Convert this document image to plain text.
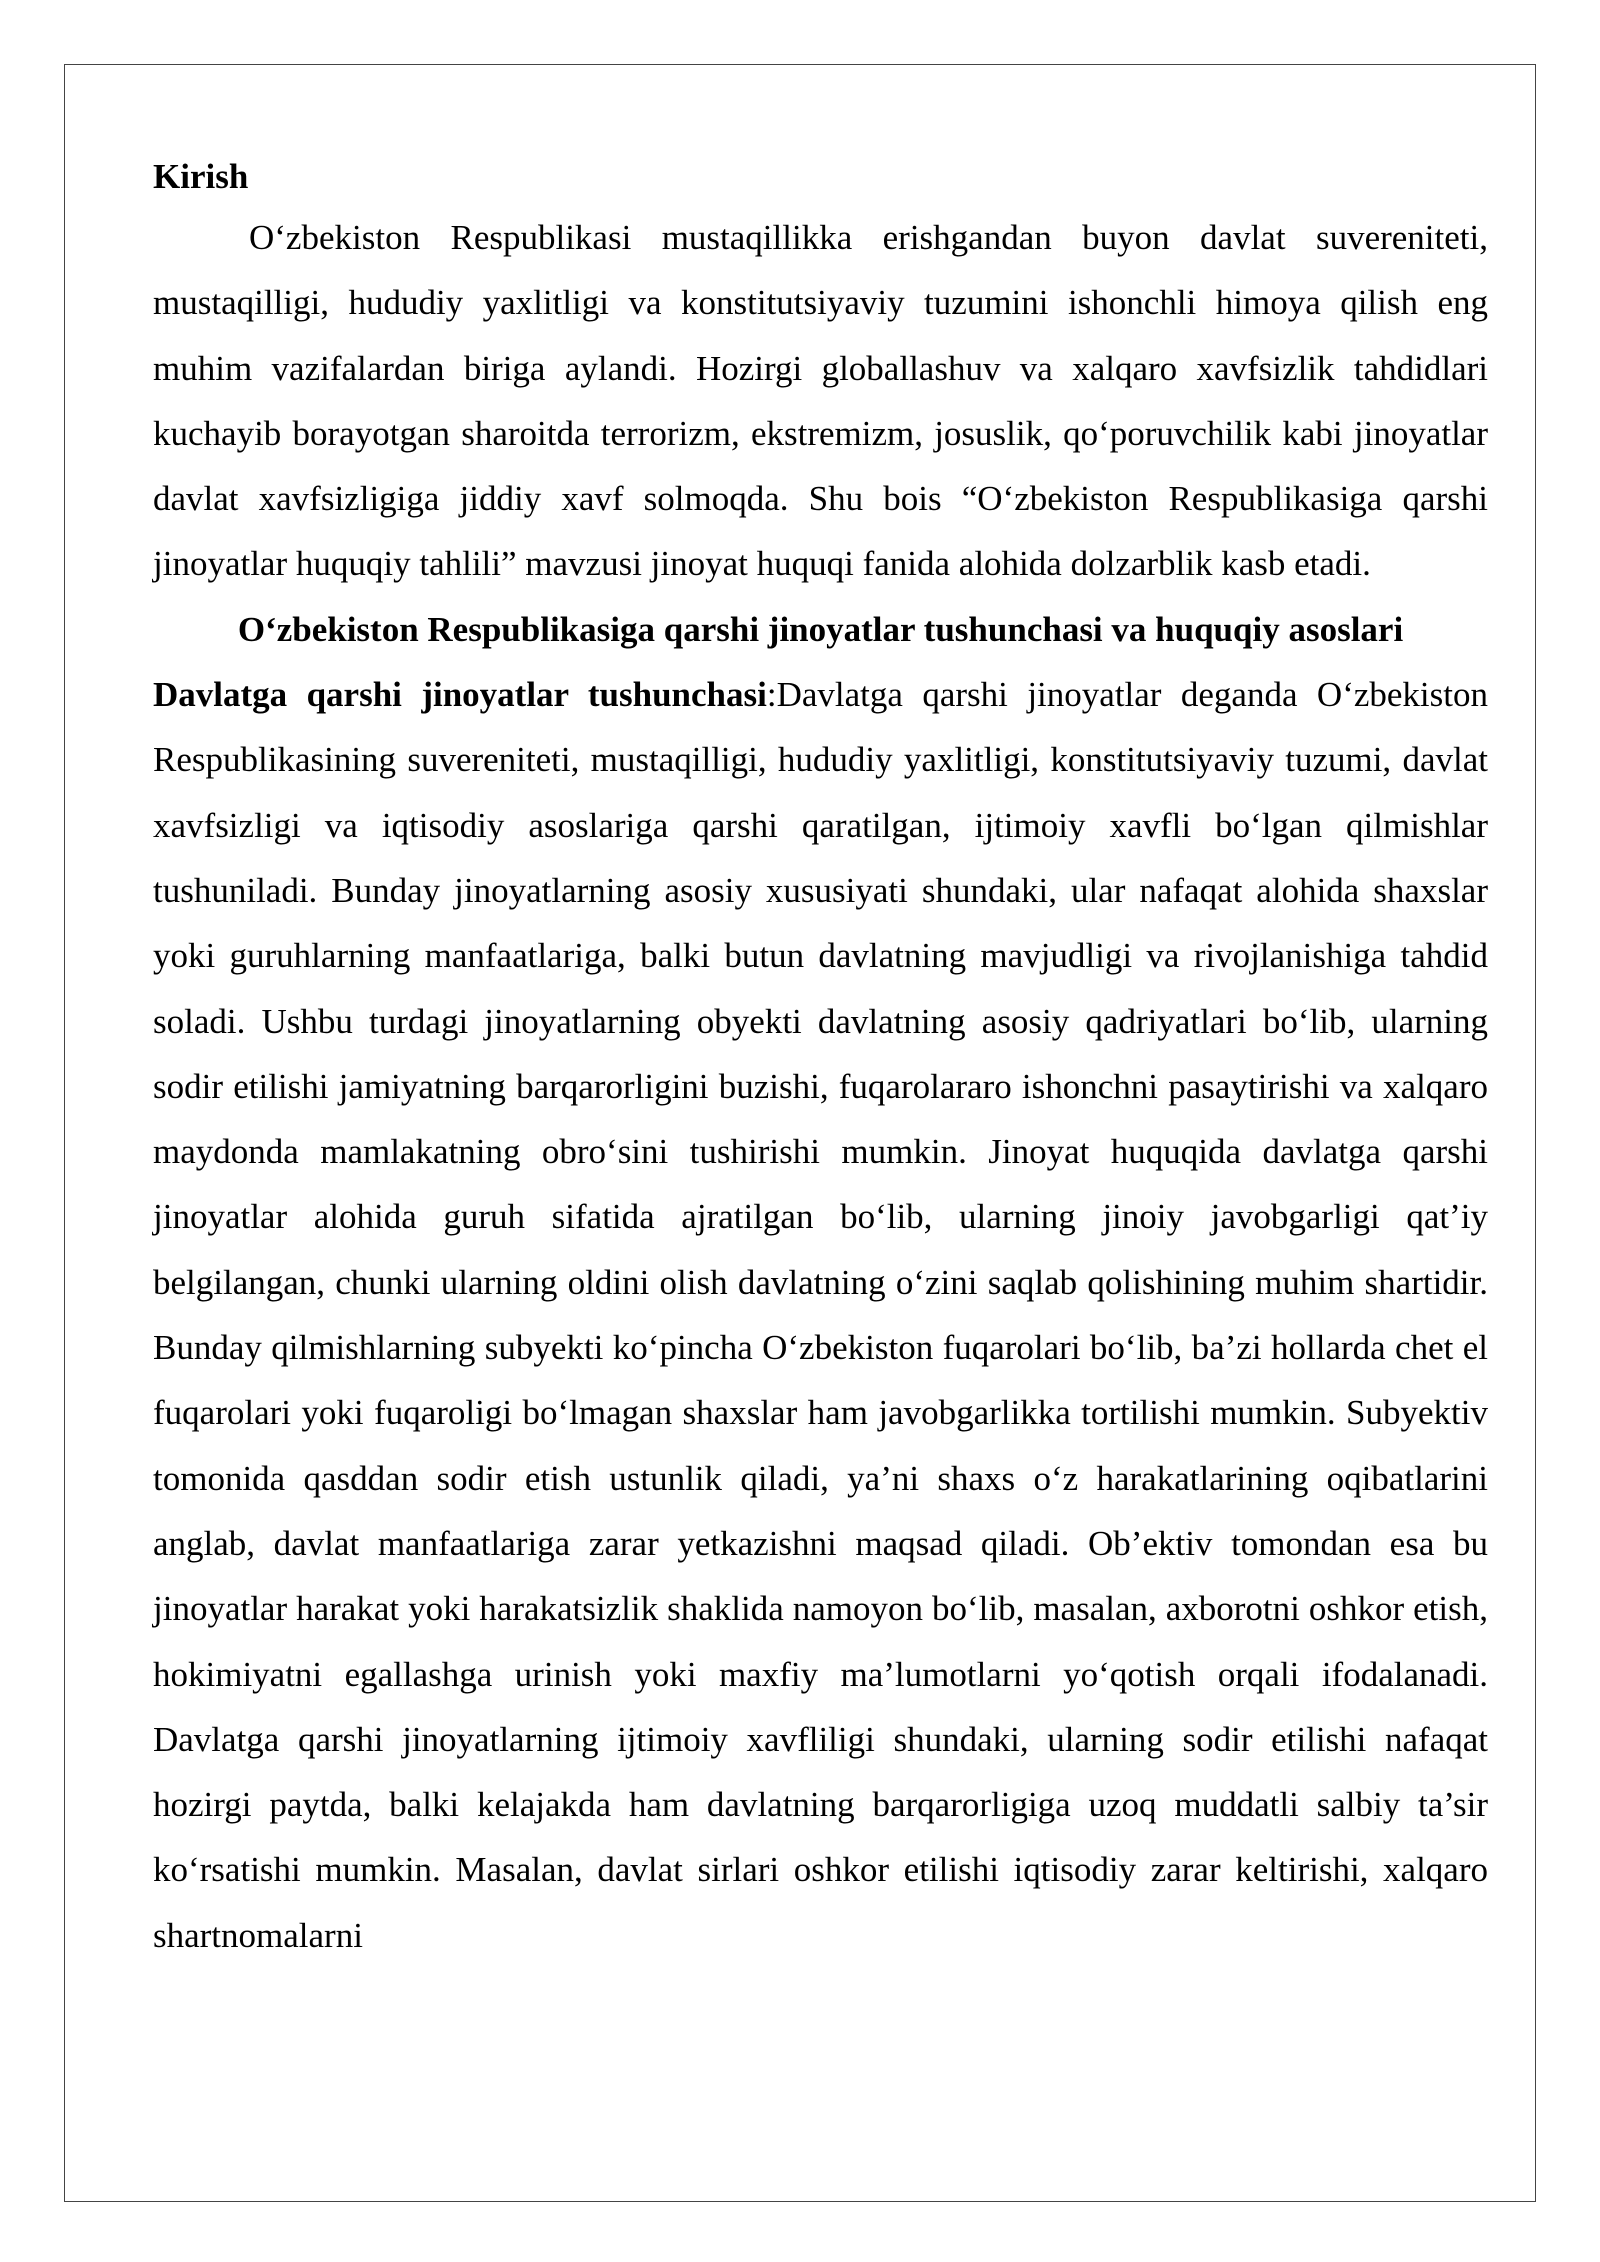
Kirish

O‘zbekiston Respublikasi mustaqillikka erishgandan buyon davlat suvereniteti, mustaqilligi, hududiy yaxlitligi va konstitutsiyaviy tuzumini ishonchli himoya qilish eng muhim vazifalardan biriga aylandi. Hozirgi globallashuv va xalqaro xavfsizlik tahdidlari kuchayib borayotgan sharoitda terrorizm, ekstremizm, josuslik, qo‘poruvchilik kabi jinoyatlar davlat xavfsizligiga jiddiy xavf solmoqda. Shu bois “O‘zbekiston Respublikasiga qarshi jinoyatlar huquqiy tahlili” mavzusi jinoyat huquqi fanida alohida dolzarblik kasb etadi.

O‘zbekiston Respublikasiga qarshi jinoyatlar tushunchasi va huquqiy asoslari

Davlatga qarshi jinoyatlar tushunchasi:Davlatga qarshi jinoyatlar deganda O‘zbekiston Respublikasining suvereniteti, mustaqilligi, hududiy yaxlitligi, konstitutsiyaviy tuzumi, davlat xavfsizligi va iqtisodiy asoslariga qarshi qaratilgan, ijtimoiy xavfli bo‘lgan qilmishlar tushuniladi. Bunday jinoyatlarning asosiy xususiyati shundaki, ular nafaqat alohida shaxslar yoki guruhlarning manfaatlariga, balki butun davlatning mavjudligi va rivojlanishiga tahdid soladi. Ushbu turdagi jinoyatlarning obyekti davlatning asosiy qadriyatlari bo‘lib, ularning sodir etilishi jamiyatning barqarorligini buzishi, fuqarolararo ishonchni pasaytirishi va xalqaro maydonda mamlakatning obro‘sini tushirishi mumkin. Jinoyat huquqida davlatga qarshi jinoyatlar alohida guruh sifatida ajratilgan bo‘lib, ularning jinoiy javobgarligi qat’iy belgilangan, chunki ularning oldini olish davlatning o‘zini saqlab qolishining muhim shartidir. Bunday qilmishlarning subyekti ko‘pincha O‘zbekiston fuqarolari bo‘lib, ba’zi hollarda chet el fuqarolari yoki fuqaroligi bo‘lmagan shaxslar ham javobgarlikka tortilishi mumkin. Subyektiv tomonida qasddan sodir etish ustunlik qiladi, ya’ni shaxs o‘z harakatlarining oqibatlarini anglab, davlat manfaatlariga zarar yetkazishni maqsad qiladi. Ob’ektiv tomondan esa bu jinoyatlar harakat yoki harakatsizlik shaklida namoyon bo‘lib, masalan, axborotni oshkor etish, hokimiyatni egallashga urinish yoki maxfiy ma’lumotlarni yo‘qotish orqali ifodalanadi. Davlatga qarshi jinoyatlarning ijtimoiy xavfliligi shundaki, ularning sodir etilishi nafaqat hozirgi paytda, balki kelajakda ham davlatning barqarorligiga uzoq muddatli salbiy ta’sir ko‘rsatishi mumkin. Masalan, davlat sirlari oshkor etilishi iqtisodiy zarar keltirishi, xalqaro shartnomalarni
